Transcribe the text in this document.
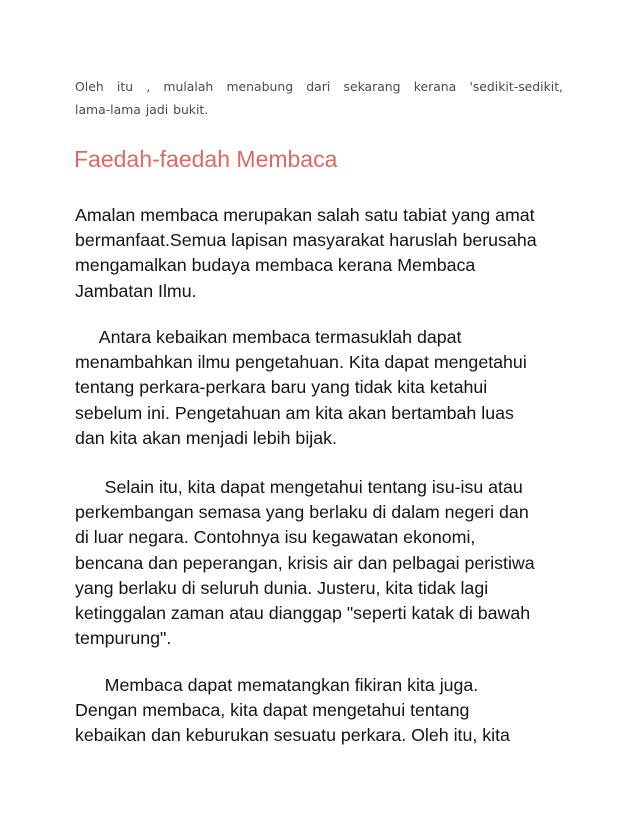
Oleh itu , mulalah menabung dari sekarang kerana 'sedikit-sedikit,
lama-lama jadi bukit.

Faedah-faedah Membaca

Amalan membaca merupakan salah satu tabiat yang amat
bermanfaat.Semua lapisan masyarakat haruslah berusaha
mengamalkan budaya membaca kerana Membaca
Jambatan Ilmu.

Antara kebaikan membaca termasuklah dapat
menambahkan ilmu pengetahuan. Kita dapat mengetahui
tentang perkara-perkara baru yang tidak kita ketahui
sebelum ini. Pengetahuan am kita akan bertambah luas
dan kita akan menjadi lebih bijak.

Selain itu, kita dapat mengetahui tentang isu-isu atau
perkembangan semasa yang berlaku di dalam negeri dan
di luar negara. Contohnya isu kegawatan ekonomi,
bencana dan peperangan, krisis air dan pelbagai peristiwa
yang berlaku di seluruh dunia. Justeru, kita tidak lagi
ketinggalan zaman atau dianggap "seperti katak di bawah
tempurung".

Membaca dapat mematangkan fikiran kita juga.
Dengan membaca, kita dapat mengetahui tentang
kebaikan dan keburukan sesuatu perkara. Oleh itu, kita
